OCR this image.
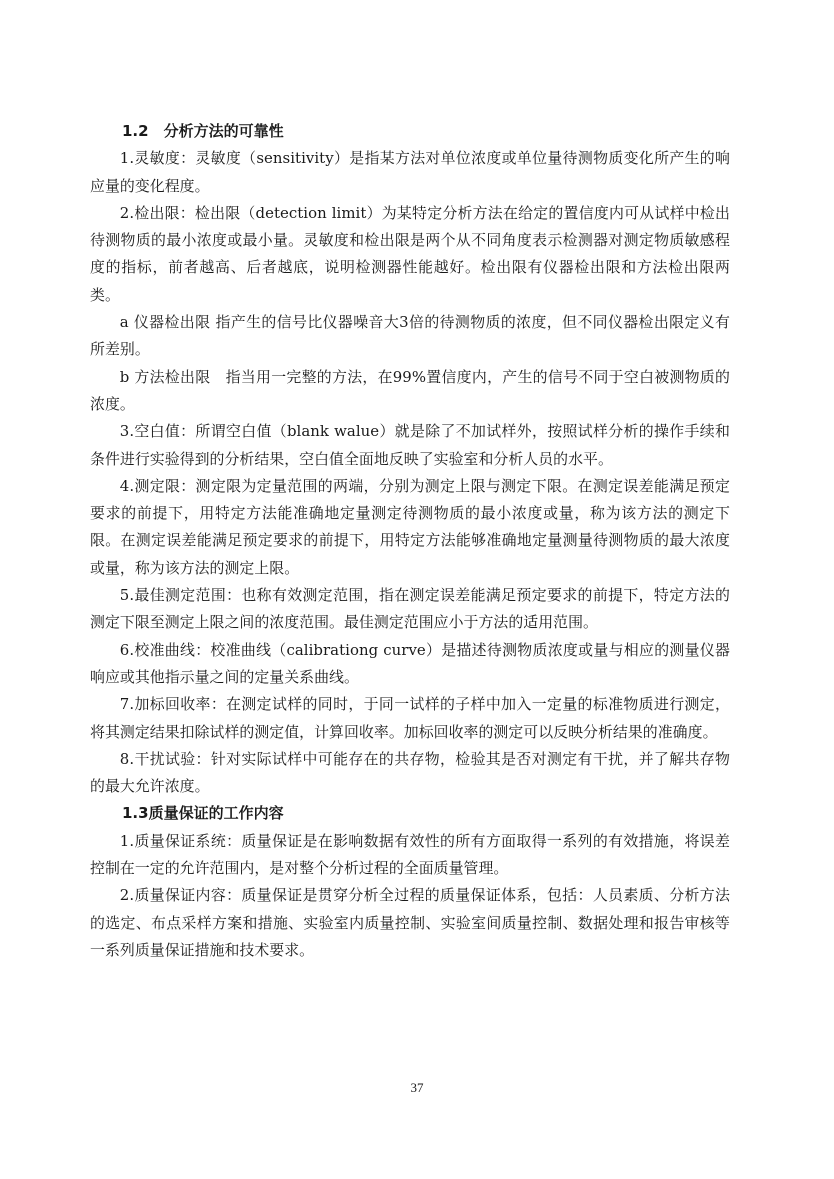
1.2　分析方法的可靠性

1.灵敏度：灵敏度（sensitivity）是指某方法对单位浓度或单位量待测物质变化所产生的响应量的变化程度。

2.检出限：检出限（detection limit）为某特定分析方法在给定的置信度内可从试样中检出待测物质的最小浓度或最小量。灵敏度和检出限是两个从不同角度表示检测器对测定物质敏感程度的指标，前者越高、后者越底，说明检测器性能越好。检出限有仪器检出限和方法检出限两类。

a 仪器检出限 指产生的信号比仪器噪音大3倍的待测物质的浓度，但不同仪器检出限定义有所差别。

b 方法检出限　指当用一完整的方法，在99%置信度内，产生的信号不同于空白被测物质的浓度。

3.空白值：所谓空白值（blank walue）就是除了不加试样外，按照试样分析的操作手续和条件进行实验得到的分析结果，空白值全面地反映了实验室和分析人员的水平。

4.测定限：测定限为定量范围的两端，分别为测定上限与测定下限。在测定误差能满足预定要求的前提下，用特定方法能准确地定量测定待测物质的最小浓度或量，称为该方法的测定下限。在测定误差能满足预定要求的前提下，用特定方法能够准确地定量测量待测物质的最大浓度或量，称为该方法的测定上限。

5.最佳测定范围：也称有效测定范围，指在测定误差能满足预定要求的前提下，特定方法的测定下限至测定上限之间的浓度范围。最佳测定范围应小于方法的适用范围。

6.校准曲线：校准曲线（calibrationg curve）是描述待测物质浓度或量与相应的测量仪器响应或其他指示量之间的定量关系曲线。

7.加标回收率：在测定试样的同时，于同一试样的子样中加入一定量的标准物质进行测定，将其测定结果扣除试样的测定值，计算回收率。加标回收率的测定可以反映分析结果的准确度。

8.干扰试验：针对实际试样中可能存在的共存物，检验其是否对测定有干扰，并了解共存物的最大允许浓度。

1.3质量保证的工作内容

1.质量保证系统：质量保证是在影响数据有效性的所有方面取得一系列的有效措施，将误差控制在一定的允许范围内，是对整个分析过程的全面质量管理。

2.质量保证内容：质量保证是贯穿分析全过程的质量保证体系，包括：人员素质、分析方法的选定、布点采样方案和措施、实验室内质量控制、实验室间质量控制、数据处理和报告审核等一系列质量保证措施和技术要求。

37
